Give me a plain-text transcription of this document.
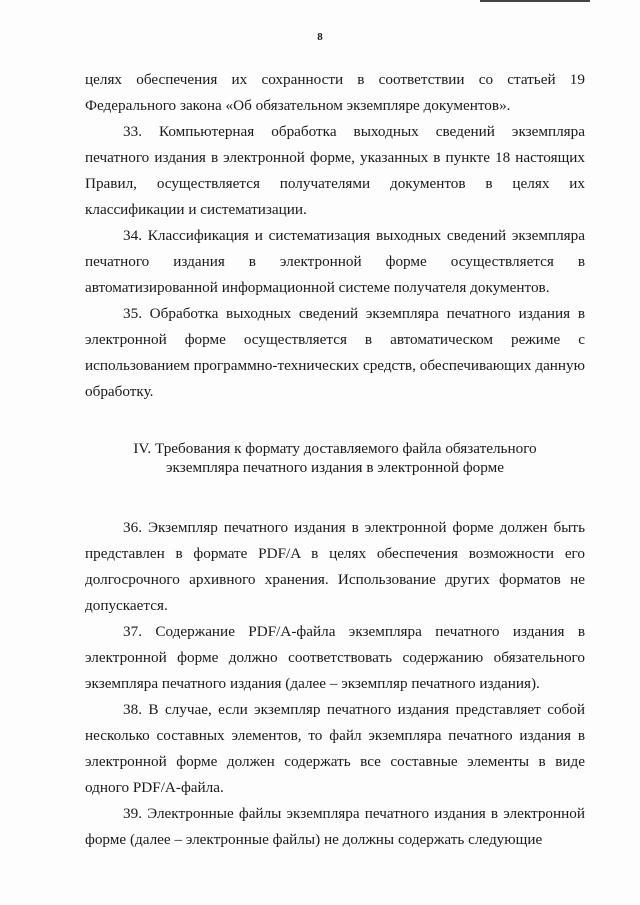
8

целях обеспечения их сохранности в соответствии со статьей 19 Федерального закона «Об обязательном экземпляре документов».

33. Компьютерная обработка выходных сведений экземпляра печатного издания в электронной форме, указанных в пункте 18 настоящих Правил, осуществляется получателями документов в целях их классификации и систематизации.

34. Классификация и систематизация выходных сведений экземпляра печатного издания в электронной форме осуществляется в автоматизированной информационной системе получателя документов.

35. Обработка выходных сведений экземпляра печатного издания в электронной форме осуществляется в автоматическом режиме с использованием программно-технических средств, обеспечивающих данную обработку.

IV. Требования к формату доставляемого файла обязательного
экземпляра печатного издания в электронной форме

36. Экземпляр печатного издания в электронной форме должен быть представлен в формате PDF/A в целях обеспечения возможности его долгосрочного архивного хранения. Использование других форматов не допускается.

37. Содержание PDF/A-файла экземпляра печатного издания в электронной форме должно соответствовать содержанию обязательного экземпляра печатного издания (далее – экземпляр печатного издания).

38. В случае, если экземпляр печатного издания представляет собой несколько составных элементов, то файл экземпляра печатного издания в электронной форме должен содержать все составные элементы в виде одного PDF/A-файла.

39. Электронные файлы экземпляра печатного издания в электронной форме (далее – электронные файлы) не должны содержать следующие
